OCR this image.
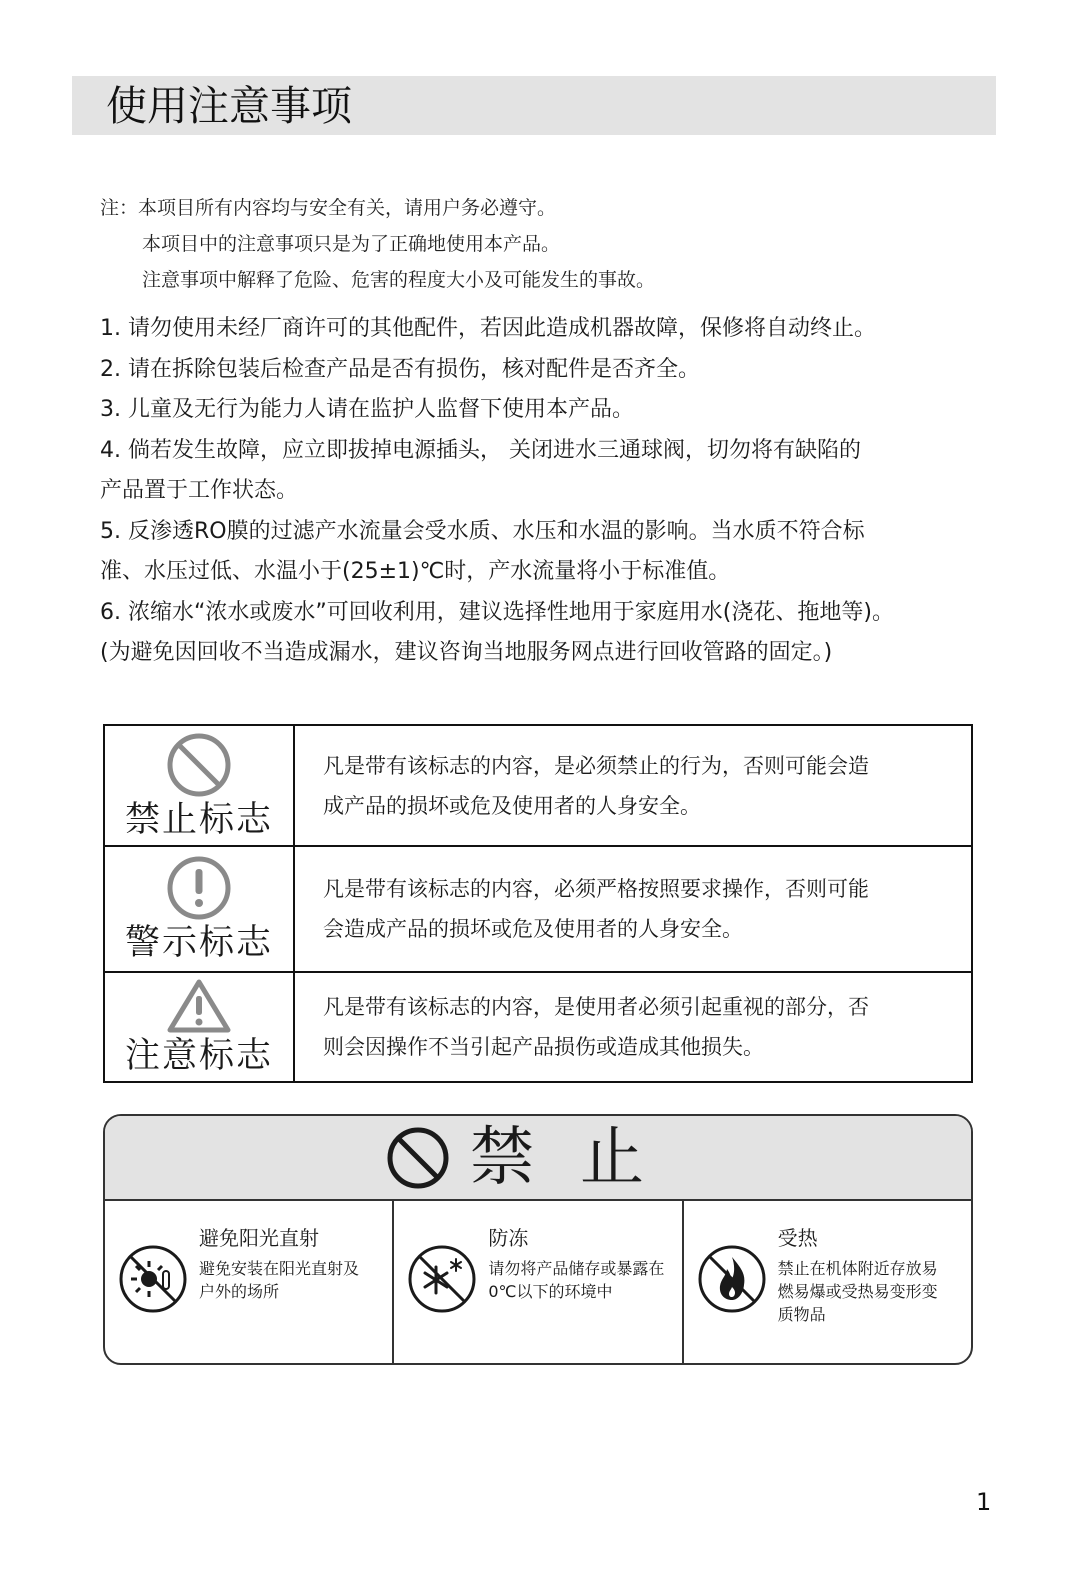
使用注意事项
注：本项目所有内容均与安全有关，请用户务必遵守。
本项目中的注意事项只是为了正确地使用本产品。
注意事项中解释了危险、危害的程度大小及可能发生的事故。
1. 请勿使用未经厂商许可的其他配件，若因此造成机器故障，保修将自动终止。
2. 请在拆除包装后检查产品是否有损伤，核对配件是否齐全。
3. 儿童及无行为能力人请在监护人监督下使用本产品。
4. 倘若发生故障，应立即拔掉电源插头， 关闭进水三通球阀，切勿将有缺陷的
产品置于工作状态。
5. 反渗透RO膜的过滤产水流量会受水质、水压和水温的影响。当水质不符合标
准、水压过低、水温小于(25±1)℃时，产水流量将小于标准值。
6. 浓缩水“浓水或废水”可回收利用，建议选择性地用于家庭用水(浇花、拖地等)。
(为避免因回收不当造成漏水，建议咨询当地服务网点进行回收管路的固定。)
禁止标志	凡是带有该标志的内容，是必须禁止的行为，否则可能会造
成产品的损坏或危及使用者的人身安全。

警示标志	凡是带有该标志的内容，必须严格按照要求操作，否则可能
会造成产品的损坏或危及使用者的人身安全。

注意标志	凡是带有该标志的内容，是使用者必须引起重视的部分，否
则会因操作不当引起产品损伤或造成其他损失。
禁止
避免阳光直射
避免安装在阳光直射及
户外的场所
防冻
请勿将产品储存或暴露在
0℃以下的环境中
受热
禁止在机体附近存放易
燃易爆或受热易变形变
质物品
1
